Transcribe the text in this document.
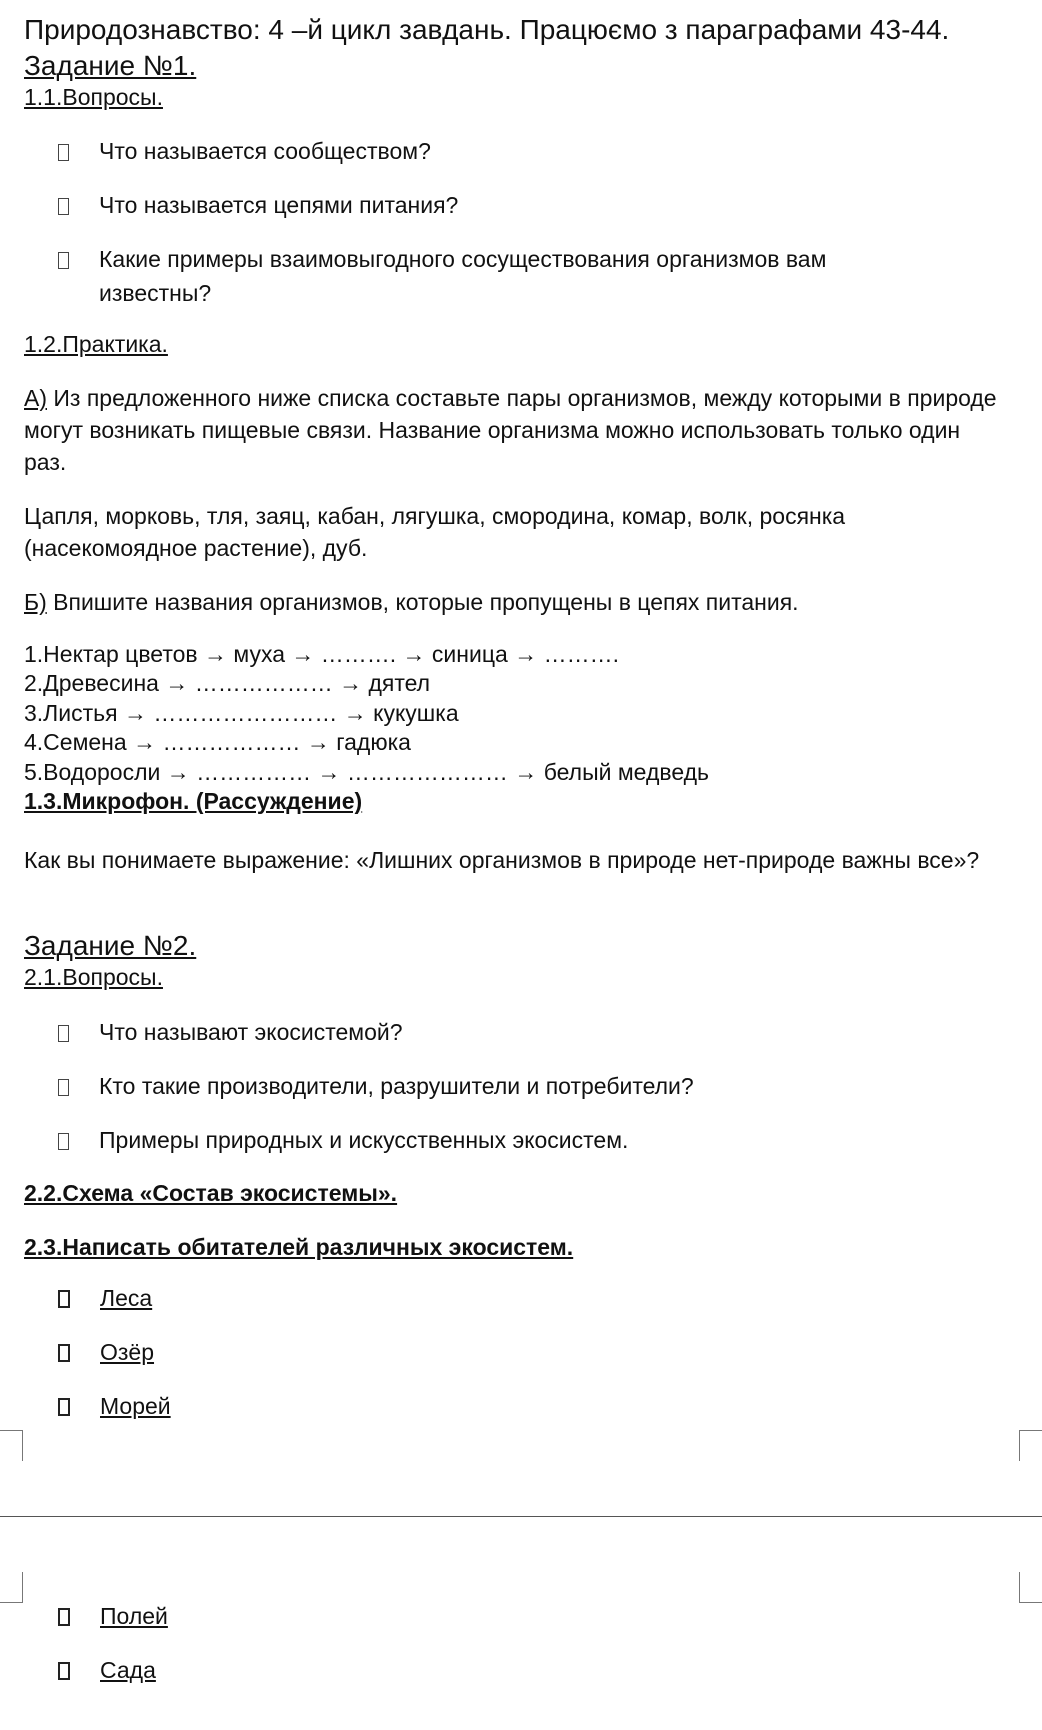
Природознавство: 4 –й цикл завдань. Працюємо з параграфами 43-44.
Задание №1.
1.1.Вопросы.
Что называется сообществом?
Что называется цепями питания?
Какие примеры взаимовыгодного сосуществования организмов вам
известны?
1.2.Практика.
А) Из предложенного ниже списка составьте пары организмов, между которыми в природе могут возникать пищевые связи. Название организма можно использовать только один раз.
Цапля, морковь, тля, заяц, кабан, лягушка, смородина, комар, волк, росянка (насекомоядное растение), дуб.
Б) Впишите названия организмов, которые пропущены в цепях питания.
1.Нектар цветов → муха → ………. → синица → ……….
2.Древесина → ……………… → дятел
3.Листья → …………………… → кукушка
4.Семена → ……………… → гадюка
5.Водоросли → …………… → ………………… → белый медведь
1.3.Микрофон. (Рассуждение)
Как вы понимаете выражение: «Лишних организмов в природе нет-природе важны все»?
Задание №2.
2.1.Вопросы.
Что называют экосистемой?
Кто такие производители, разрушители и потребители?
Примеры природных и искусственных экосистем.
2.2.Схема «Состав экосистемы».
2.3.Написать обитателей различных экосистем.
Леса
Озёр
Морей
Полей
Сада
